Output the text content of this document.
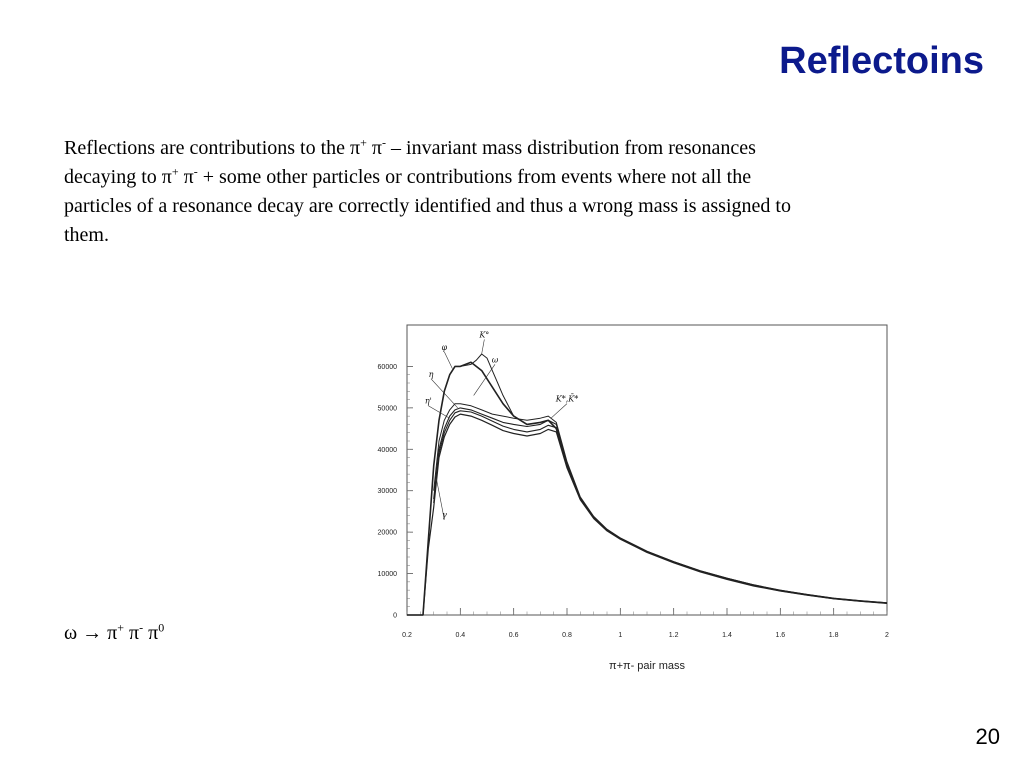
Reflectoins
Reflections are contributions to the π+ π- – invariant mass distribution from resonances
decaying to π+ π- + some other particles or contributions from events where not all the
particles of a resonance decay are correctly identified and thus a wrong mass is assigned to
them.
ω → π+ π- $\pi^0$
0
10000
20000
30000
40000
50000
60000
0.2	0.4	0.6	0.8	1	1.2	1.4	1.6	1.8	2
φ
K°
ω
η
η'	K*,K̄*
γ
π+π- pair mass
20
